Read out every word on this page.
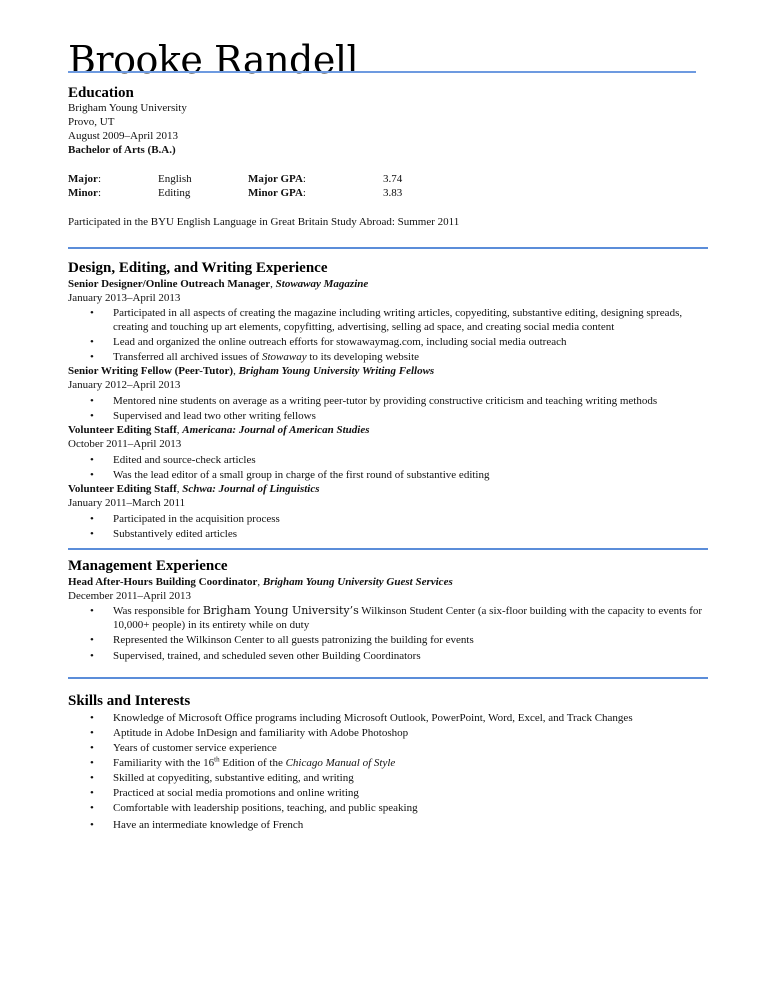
Brooke Randell
Education
Brigham Young University
Provo, UT
August 2009–April 2013
Bachelor of Arts (B.A.)
Major:	English	Major GPA:	3.74
Minor:	Editing	Minor GPA:	3.83
Participated in the BYU English Language in Great Britain Study Abroad: Summer 2011
Design, Editing, and Writing Experience
Senior Designer/Online Outreach Manager, Stowaway Magazine
January 2013–April 2013
• Participated in all aspects of creating the magazine including writing articles, copyediting, substantive editing, designing spreads,
creating and touching up art elements, copyfitting, advertising, selling ad space, and creating social media content
• Lead and organized the online outreach efforts for stowawaymag.com, including social media outreach
• Transferred all archived issues of Stowaway to its developing website
Senior Writing Fellow (Peer-Tutor), Brigham Young University Writing Fellows
January 2012–April 2013
• Mentored nine students on average as a writing peer-tutor by providing constructive criticism and teaching writing methods
• Supervised and lead two other writing fellows
Volunteer Editing Staff, Americana: Journal of American Studies
October 2011–April 2013
• Edited and source-check articles
• Was the lead editor of a small group in charge of the first round of substantive editing
Volunteer Editing Staff, Schwa: Journal of Linguistics
January 2011–March 2011
• Participated in the acquisition process
• Substantively edited articles
Management Experience
Head After-Hours Building Coordinator, Brigham Young University Guest Services
December 2011–April 2013
• Was responsible for Brigham Young University’s Wilkinson Student Center (a six-floor building with the capacity to events for
10,000+ people) in its entirety while on duty
• Represented the Wilkinson Center to all guests patronizing the building for events
• Supervised, trained, and scheduled seven other Building Coordinators
Skills and Interests
• Knowledge of Microsoft Office programs including Microsoft Outlook, PowerPoint, Word, Excel, and Track Changes
• Aptitude in Adobe InDesign and familiarity with Adobe Photoshop
• Years of customer service experience
• Familiarity with the 16th Edition of the Chicago Manual of Style
• Skilled at copyediting, substantive editing, and writing
• Practiced at social media promotions and online writing
• Comfortable with leadership positions, teaching, and public speaking
• Have an intermediate knowledge of French
